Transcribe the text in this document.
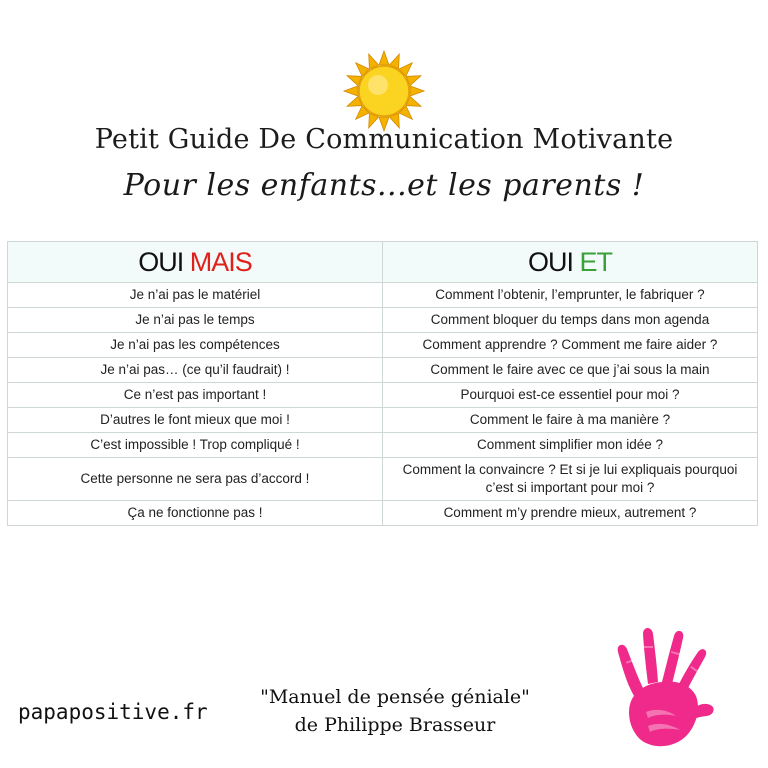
Petit Guide De Communication Motivante
Pour les enfants...et les parents !
OUI MAIS	OUI ET
Je n’ai pas le matériel	Comment l’obtenir, l’emprunter, le fabriquer ?
Je n’ai pas le temps	Comment bloquer du temps dans mon agenda
Je n’ai pas les compétences	Comment apprendre ? Comment me faire aider ?
Je n’ai pas… (ce qu’il faudrait) !	Comment le faire avec ce que j’ai sous la main
Ce n’est pas important !	Pourquoi est-ce essentiel pour moi ?
D’autres le font mieux que moi !	Comment le faire à ma manière ?
C’est impossible ! Trop compliqué !	Comment simplifier mon idée ?
Cette personne ne sera pas d’accord !	Comment la convaincre ? Et si je lui expliquais pourquoi c’est si important pour moi ?
Ça ne fonctionne pas !	Comment m’y prendre mieux, autrement ?
papapositive.fr
"Manuel de pensée géniale"
de Philippe Brasseur
